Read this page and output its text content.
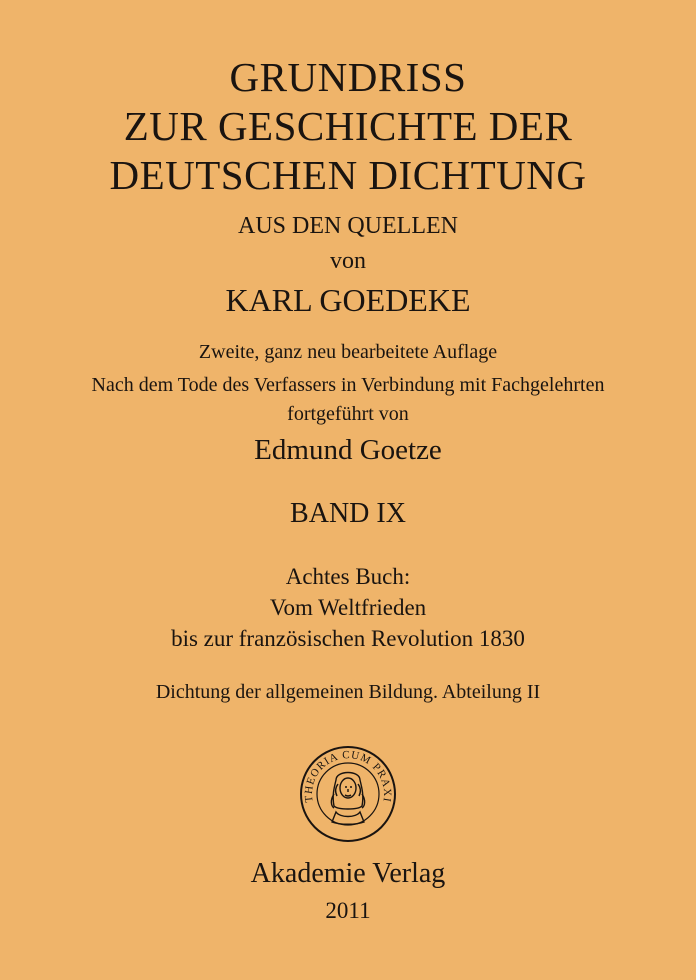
GRUNDRISS
ZUR GESCHICHTE DER
DEUTSCHEN DICHTUNG
AUS DEN QUELLEN
von
KARL GOEDEKE
Zweite, ganz neu bearbeitete Auflage
Nach dem Tode des Verfassers in Verbindung mit Fachgelehrten
fortgeführt von
Edmund Goetze
BAND IX
Achtes Buch:
Vom Weltfrieden
bis zur französischen Revolution 1830
Dichtung der allgemeinen Bildung. Abteilung II
THEORIA CUM PRAXI
Akademie Verlag
2011
